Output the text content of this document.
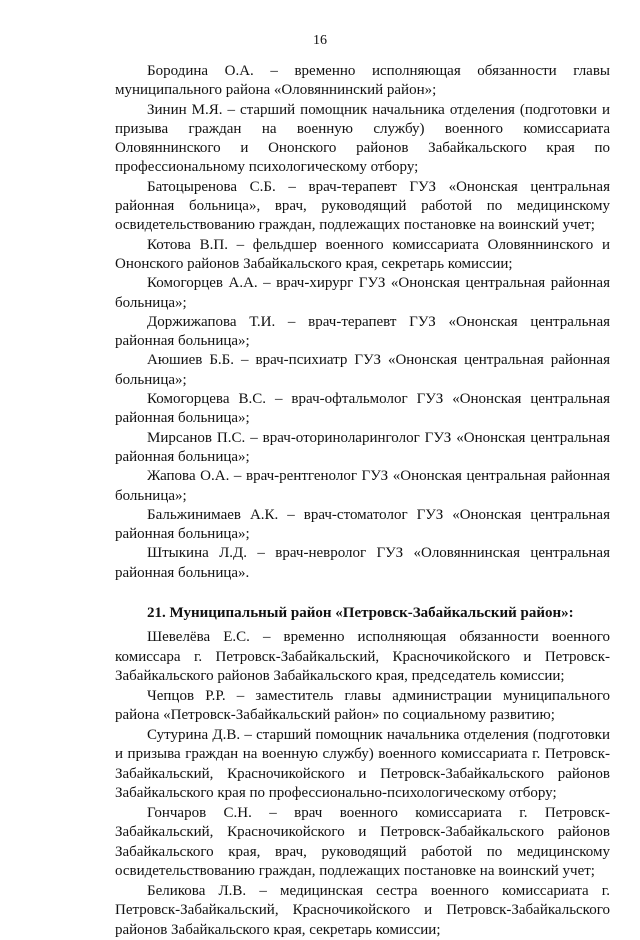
16

Бородина О.А. – временно исполняющая обязанности главы муниципального района «Оловяннинский район»;

Зинин М.Я. – старший помощник начальника отделения (подготовки и призыва граждан на военную службу) военного комиссариата Оловяннинского и Ононского районов Забайкальского края по профессиональному психологическому отбору;

Батоцыренова С.Б. – врач-терапевт ГУЗ «Ононская центральная районная больница», врач, руководящий работой по медицинскому освидетельствованию граждан, подлежащих постановке на воинский учет;

Котова В.П. – фельдшер военного комиссариата Оловяннинского и Ононского районов Забайкальского края, секретарь комиссии;

Комогорцев А.А. – врач-хирург ГУЗ «Ононская центральная районная больница»;

Доржижапова Т.И. – врач-терапевт ГУЗ «Ононская центральная районная больница»;

Аюшиев Б.Б. – врач-психиатр ГУЗ «Ононская центральная районная больница»;

Комогорцева В.С. – врач-офтальмолог ГУЗ «Ононская центральная районная больница»;

Мирсанов П.С. – врач-оториноларинголог ГУЗ «Ононская центральная районная больница»;

Жапова О.А. – врач-рентгенолог ГУЗ «Ононская центральная районная больница»;

Бальжинимаев А.К. – врач-стоматолог ГУЗ «Ононская центральная районная больница»;

Штыкина Л.Д. – врач-невролог ГУЗ «Оловяннинская центральная районная больница».

21. Муниципальный район «Петровск-Забайкальский район»:

Шевелёва Е.С. – временно исполняющая обязанности военного комиссара г. Петровск-Забайкальский, Красночикойского и Петровск-Забайкальского районов Забайкальского края, председатель комиссии;

Чепцов Р.Р. – заместитель главы администрации муниципального района «Петровск-Забайкальский район» по социальному развитию;

Сутурина Д.В. – старший помощник начальника отделения (подготовки и призыва граждан на военную службу) военного комиссариата г. Петровск-Забайкальский, Красночикойского и Петровск-Забайкальского районов Забайкальского края по профессионально-психологическому отбору;

Гончаров С.Н. – врач военного комиссариата г. Петровск-Забайкальский, Красночикойского и Петровск-Забайкальского районов Забайкальского края, врач, руководящий работой по медицинскому освидетельствованию граждан, подлежащих постановке на воинский учет;

Беликова Л.В. – медицинская сестра военного комиссариата г. Петровск-Забайкальский, Красночикойского и Петровск-Забайкальского районов Забайкальского края, секретарь комиссии;
